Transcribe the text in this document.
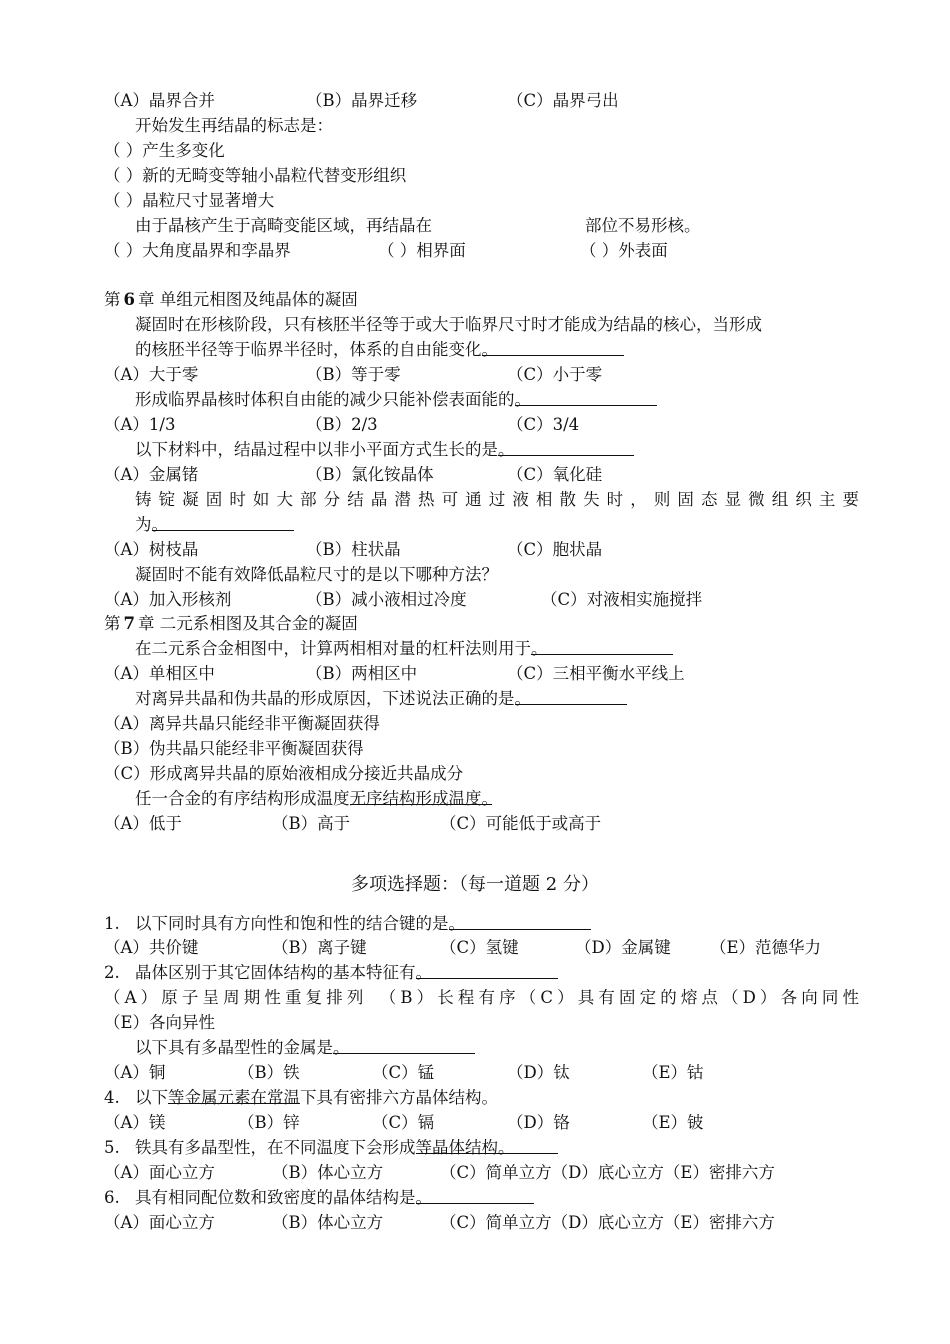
（A）晶界合并	（B）晶界迁移	（C）晶界弓出
开始发生再结晶的标志是：
（ ）产生多变化
（ ）新的无畸变等轴小晶粒代替变形组织
（ ）晶粒尺寸显著增大
由于晶核产生于高畸变能区域，再结晶在	部位不易形核。
（ ）大角度晶界和孪晶界	（ ）相界面	（ ）外表面
第 6 章 单组元相图及纯晶体的凝固
凝固时在形核阶段，只有核胚半径等于或大于临界尺寸时才能成为结晶的核心，当形成
的核胚半径等于临界半径时，体系的自由能变化
。
（A）大于零	（B）等于零	（C）小于零
形成临界晶核时体积自由能的减少只能补偿表面能的
。
（A）1/3	（B）2/3	（C）3/4
以下材料中，结晶过程中以非小平面方式生长的是
。
（A）金属锗	（B）氯化铵晶体	（C）氧化硅
铸锭凝固时如大部分结晶潜热可通过液相散失时，则固态显微组织主要
为
。
（A）树枝晶	（B）柱状晶	（C）胞状晶
凝固时不能有效降低晶粒尺寸的是以下哪种方法？
（A）加入形核剂	（B）减小液相过冷度	（C）对液相实施搅拌
第 7 章 二元系相图及其合金的凝固
在二元系合金相图中，计算两相相对量的杠杆法则用于
。
（A）单相区中	（B）两相区中	（C）三相平衡水平线上
对离异共晶和伪共晶的形成原因，下述说法正确的是
。
（A）离异共晶只能经非平衡凝固获得
（B）伪共晶只能经非平衡凝固获得
（C）形成离异共晶的原始液相成分接近共晶成分
任一合金的有序结构形成温度
无序结构形成温度。
（A）低于	（B）高于	（C）可能低于或高于
多项选择题：（每一道题 2 分）
1. 以下同时具有方向性和饱和性的结合键的是
。
（A）共价键	（B）离子键	（C）氢键	（D）金属键 （E）范德华力
2. 晶体区别于其它固体结构的基本特征有
。
（A）原子呈周期性重复排列　（B）长程有序（C）具有固定的熔点（D）各向同性
（E）各向异性
以下具有多晶型性的金属是
。
（A）铜	（B）铁	（C）锰	（D）钛	（E）钴
4. 以下
等金属元素在常温下具有密排六方晶体结构。
（A）镁	（B）锌	（C）镉	（D）铬	（E）铍
5. 铁具有多晶型性，在不同温度下会形成
等晶体结构。
（A）面心立方	（B）体心立方	（C）简单立方（D）底心立方（E）密排六方
6. 具有相同配位数和致密度的晶体结构是
。
（A）面心立方	（B）体心立方	（C）简单立方（D）底心立方（E）密排六方
